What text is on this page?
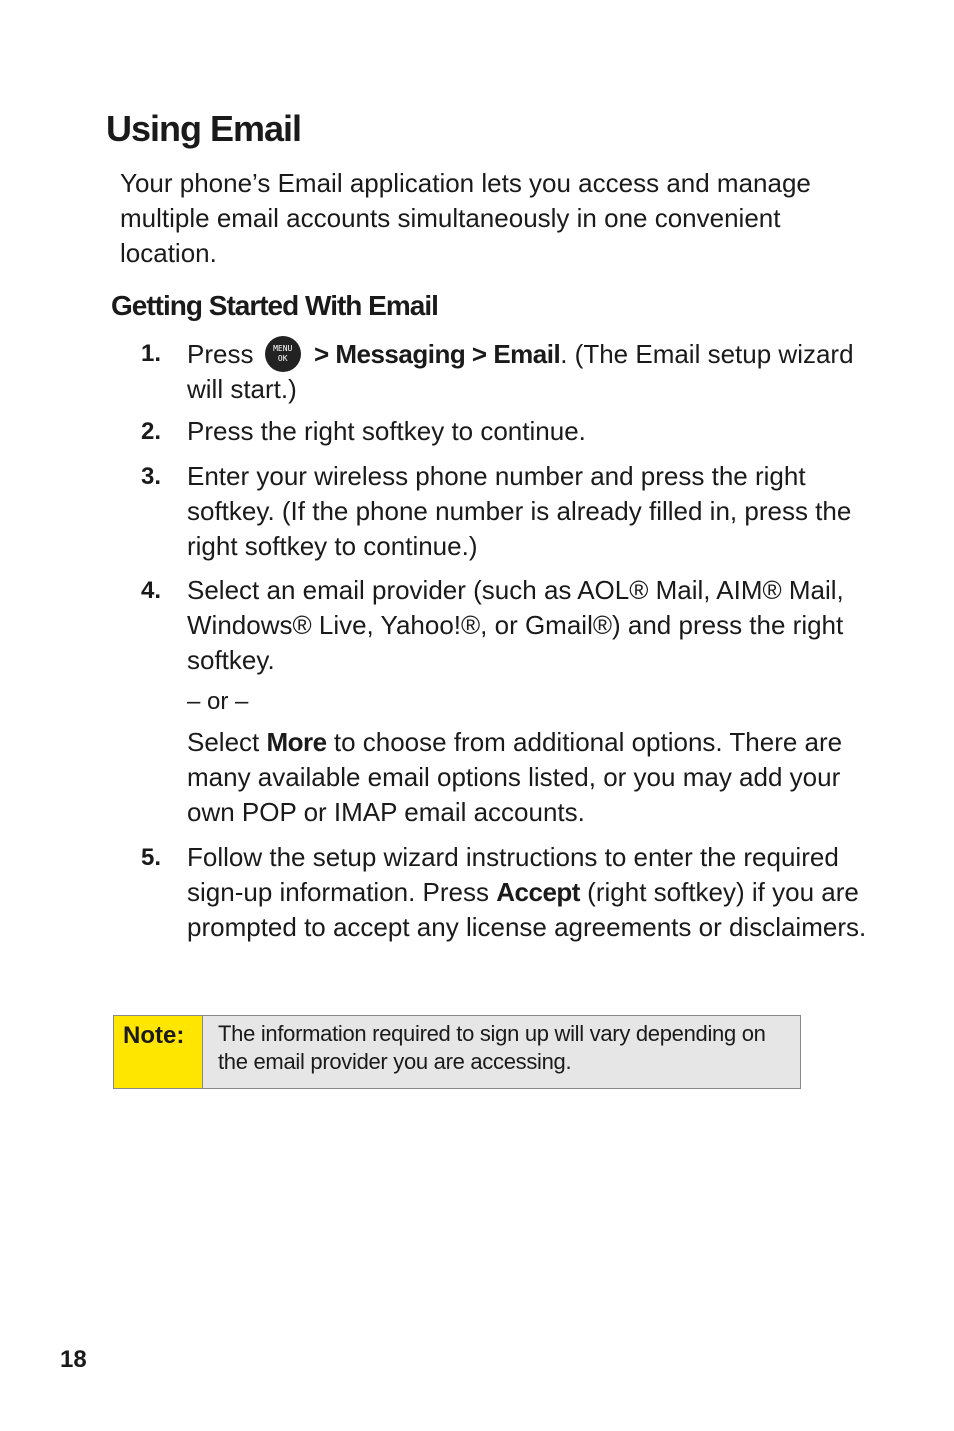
Using Email

Your phone’s Email application lets you access and manage multiple email accounts simultaneously in one convenient location.

Getting Started With Email
1. Press	MENU
OK	> Messaging > Email. (The Email setup wizard will start.)
2. Press the right softkey to continue.
3. Enter your wireless phone number and press the right softkey. (If the phone number is already filled in, press the right softkey to continue.)
4. Select an email provider (such as AOL® Mail, AIM® Mail, Windows® Live, Yahoo!®, or Gmail®) and press the right softkey.
– or –
Select More to choose from additional options. There are many available email options listed, or you may add your own POP or IMAP email accounts.
5. Follow the setup wizard instructions to enter the required sign-up information. Press Accept (right softkey) if you are prompted to accept any license agreements or disclaimers.
Note:	The information required to sign up will vary depending on the email provider you are accessing.
18
